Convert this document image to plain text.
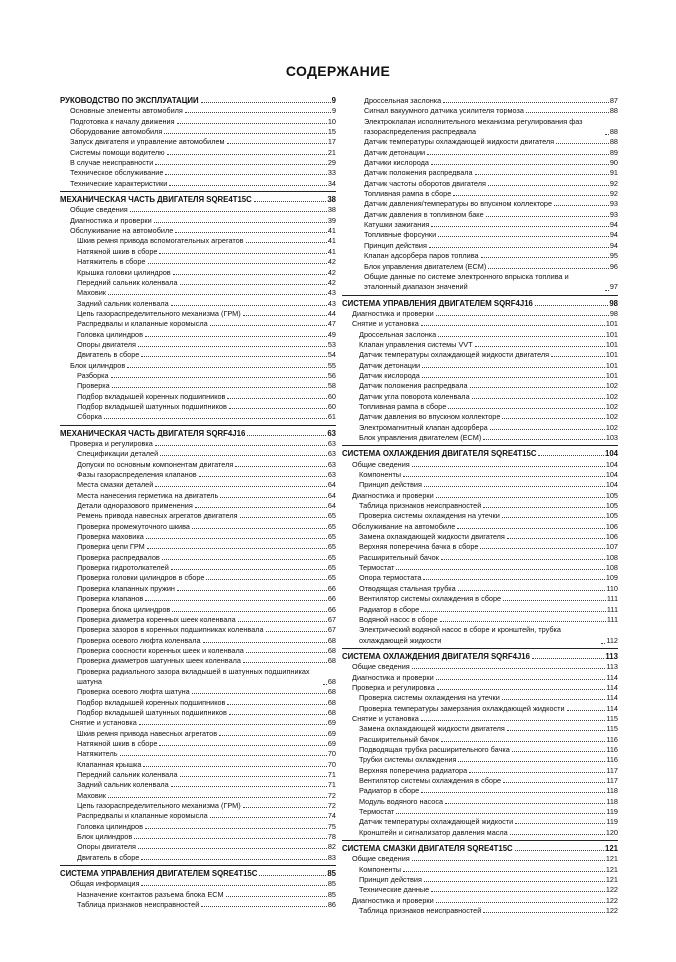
СОДЕРЖАНИЕ
РУКОВОДСТВО ПО ЭКСПЛУАТАЦИИ	9
Основные элементы автомобиля	9
Подготовка к началу движения	10
Оборудование автомобиля	15
Запуск двигателя и управление автомобилем	17
Системы помощи водителю	21
В случае неисправности	29
Техническое обслуживание	33
Технические характеристики	34
МЕХАНИЧЕСКАЯ ЧАСТЬ ДВИГАТЕЛЯ SQRE4T15C	38
Общие сведения	38
Диагностика и проверки	39
Обслуживание на автомобиле	41
Шкив ремня привода вспомогательных агрегатов	41
Натяжной шкив в сборе	41
Натяжитель в сборе	42
Крышка головки цилиндров	42
Передний сальник коленвала	42
Маховик	43
Задний сальник коленвала	43
Цепь газораспределительного механизма (ГРМ)	44
Распредвалы и клапанные коромысла	47
Головка цилиндров	49
Опоры двигателя	53
Двигатель в сборе	54
Блок цилиндров	55
Разборка	56
Проверка	58
Подбор вкладышей коренных подшипников	60
Подбор вкладышей шатунных подшипников	60
Сборка	61
МЕХАНИЧЕСКАЯ ЧАСТЬ ДВИГАТЕЛЯ SQRF4J16	63
Проверка и регулировка	63
Спецификации деталей	63
Допуски по основным компонентам двигателя	63
Фазы газораспределения клапанов	63
Места смазки деталей	64
Места нанесения герметика на двигатель	64
Детали одноразового применения	64
Ремень привода навесных агрегатов двигателя	65
Проверка промежуточного шкива	65
Проверка маховика	65
Проверка цепи ГРМ	65
Проверка распредвалов	65
Проверка гидротолкателей	65
Проверка головки цилиндров в сборе	65
Проверка клапанных пружин	66
Проверка клапанов	66
Проверка блока цилиндров	66
Проверка диаметра коренных шеек коленвала	67
Проверка зазоров в коренных подшипниках коленвала	67
Проверка осевого люфта коленвала	68
Проверка соосности коренных шеек и коленвала	68
Проверка диаметров шатунных шеек коленвала	68
Проверка радиального зазора вкладышей в шатунных подшипниках шатуна	68
Проверка осевого люфта шатуна	68
Подбор вкладышей коренных подшипников	68
Подбор вкладышей шатунных подшипников	68
Снятие и установка	69
Шкив ремня привода навесных агрегатов	69
Натяжной шкив в сборе	69
Натяжитель	70
Клапанная крышка	70
Передний сальник коленвала	71
Задний сальник коленвала	71
Маховик	72
Цепь газораспределительного механизма (ГРМ)	72
Распредвалы и клапанные коромысла	74
Головка цилиндров	75
Блок цилиндров	78
Опоры двигателя	82
Двигатель в сборе	83
СИСТЕМА УПРАВЛЕНИЯ ДВИГАТЕЛЕМ SQRE4T15C	85
Общая информация	85
Назначение контактов разъема блока ECM	85
Таблица признаков неисправностей	86
Дроссельная заслонка	87
Сигнал вакуумного датчика усилителя тормоза	88
Электроклапан исполнительного механизма регулирования фаз газораспределения распредвала	88
Датчик температуры охлаждающей жидкости двигателя	88
Датчик детонации	89
Датчики кислорода	90
Датчик положения распредвала	91
Датчик частоты оборотов двигателя	92
Топливная рампа в сборе	92
Датчик давления/температуры во впускном коллекторе	93
Датчик давления в топливном баке	93
Катушки зажигания	94
Топливные форсунки	94
Принцип действия	94
Клапан адсорбера паров топлива	95
Блок управления двигателем (ECM)	96
Общие данные по системе электронного впрыска топлива и эталонный диапазон значений	97
СИСТЕМА УПРАВЛЕНИЯ ДВИГАТЕЛЕМ SQRF4J16	98
Диагностика и проверки	98
Снятие и установка	101
Дроссельная заслонка	101
Клапан управления системы VVT	101
Датчик температуры охлаждающей жидкости двигателя	101
Датчик детонации	101
Датчик кислорода	101
Датчик положения распредвала	102
Датчик угла поворота коленвала	102
Топливная рампа в сборе	102
Датчик давления во впускном коллекторе	102
Электромагнитный клапан адсорбера	102
Блок управления двигателем (ECM)	103
СИСТЕМА ОХЛАЖДЕНИЯ ДВИГАТЕЛЯ SQRE4T15C	104
Общие сведения	104
Компоненты	104
Принцип действия	104
Диагностика и проверки	105
Таблица признаков неисправностей	105
Проверка системы охлаждения на утечки	105
Обслуживание на автомобиле	106
Замена охлаждающей жидкости двигателя	106
Верхняя поперечина бачка в сборе	107
Расширительный бачок	108
Термостат	108
Опора термостата	109
Отводящая стальная трубка	110
Вентилятор системы охлаждения в сборе	111
Радиатор в сборе	111
Водяной насос в сборе	111
Электрический водяной насос в сборе и кронштейн, трубка охлаждающей жидкости	112
СИСТЕМА ОХЛАЖДЕНИЯ ДВИГАТЕЛЯ SQRF4J16	113
Общие сведения	113
Диагностика и проверки	114
Проверка и регулировка	114
Проверка системы охлаждения на утечки	114
Проверка температуры замерзания охлаждающей жидкости	114
Снятие и установка	115
Замена охлаждающей жидкости двигателя	115
Расширительный бачок	116
Подводящая трубка расширительного бачка	116
Трубки системы охлаждения	116
Верхняя поперечина радиатора	117
Вентилятор системы охлаждения в сборе	117
Радиатор в сборе	118
Модуль водяного насоса	118
Термостат	119
Датчик температуры охлаждающей жидкости	119
Кронштейн и сигнализатор давления масла	120
СИСТЕМА СМАЗКИ ДВИГАТЕЛЯ SQRE4T15C	121
Общие сведения	121
Компоненты	121
Принцип действия	121
Технические данные	122
Диагностика и проверки	122
Таблица признаков неисправностей	122
